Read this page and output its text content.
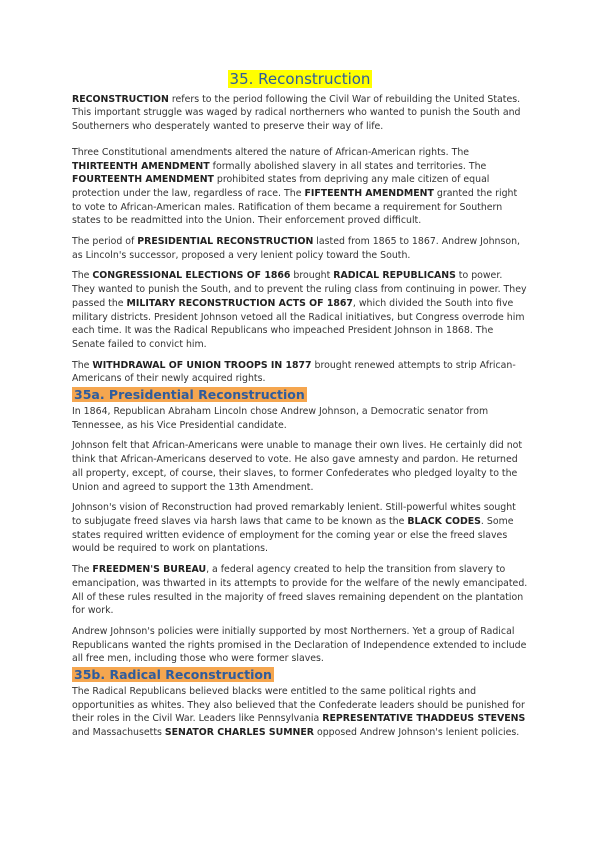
35. Reconstruction

RECONSTRUCTION refers to the period following the Civil War of rebuilding the United States. This important struggle was waged by radical northerners who wanted to punish the South and Southerners who desperately wanted to preserve their way of life.

Three Constitutional amendments altered the nature of African-American rights. The THIRTEENTH AMENDMENT formally abolished slavery in all states and territories. The FOURTEENTH AMENDMENT prohibited states from depriving any male citizen of equal protection under the law, regardless of race. The FIFTEENTH AMENDMENT granted the right to vote to African-American males. Ratification of them became a requirement for Southern states to be readmitted into the Union. Their enforcement proved difficult.

The period of PRESIDENTIAL RECONSTRUCTION lasted from 1865 to 1867. Andrew Johnson, as Lincoln's successor, proposed a very lenient policy toward the South.

The CONGRESSIONAL ELECTIONS OF 1866 brought RADICAL REPUBLICANS to power. They wanted to punish the South, and to prevent the ruling class from continuing in power. They passed the MILITARY RECONSTRUCTION ACTS OF 1867, which divided the South into five military districts. President Johnson vetoed all the Radical initiatives, but Congress overrode him each time. It was the Radical Republicans who impeached President Johnson in 1868. The Senate failed to convict him.

The WITHDRAWAL OF UNION TROOPS IN 1877 brought renewed attempts to strip African-Americans of their newly acquired rights.

35a. Presidential Reconstruction

In 1864, Republican Abraham Lincoln chose Andrew Johnson, a Democratic senator from Tennessee, as his Vice Presidential candidate.

Johnson felt that African-Americans were unable to manage their own lives. He certainly did not think that African-Americans deserved to vote. He also gave amnesty and pardon. He returned all property, except, of course, their slaves, to former Confederates who pledged loyalty to the Union and agreed to support the 13th Amendment.

Johnson's vision of Reconstruction had proved remarkably lenient. Still-powerful whites sought to subjugate freed slaves via harsh laws that came to be known as the BLACK CODES. Some states required written evidence of employment for the coming year or else the freed slaves would be required to work on plantations.

The FREEDMEN'S BUREAU, a federal agency created to help the transition from slavery to emancipation, was thwarted in its attempts to provide for the welfare of the newly emancipated. All of these rules resulted in the majority of freed slaves remaining dependent on the plantation for work.

Andrew Johnson's policies were initially supported by most Northerners. Yet a group of Radical Republicans wanted the rights promised in the Declaration of Independence extended to include all free men, including those who were former slaves.

35b. Radical Reconstruction

The Radical Republicans believed blacks were entitled to the same political rights and opportunities as whites. They also believed that the Confederate leaders should be punished for their roles in the Civil War. Leaders like Pennsylvania REPRESENTATIVE THADDEUS STEVENS and Massachusetts SENATOR CHARLES SUMNER opposed Andrew Johnson's lenient policies.
